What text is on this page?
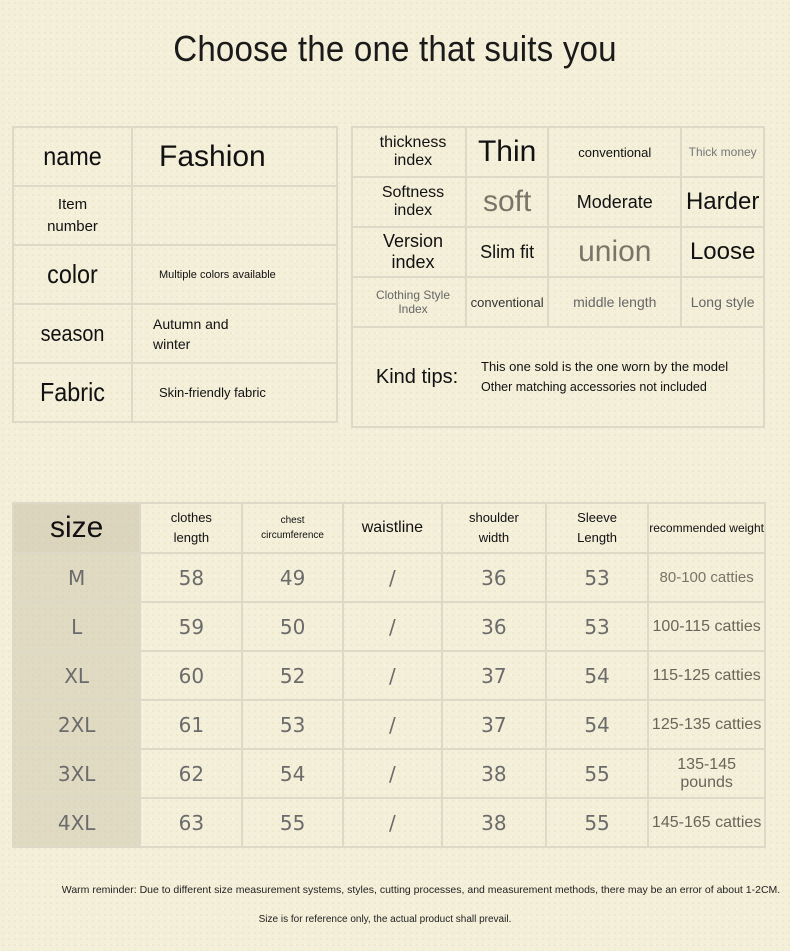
Choose the one that suits you
name	Fashion

Item number	

color	Multiple colors available

season	Autumn and winter

Fabric	Skin-friendly fabric
thickness index	Thin	conventional	Thick money

Softness index	soft	Moderate	Harder

Version index	Slim fit	union	Loose

Clothing Style Index	conventional	middle length	Long style

Kind tips: This one sold is the one worn by the model
Other matching accessories not included			
size	clothes length	chest circumference	waistline	shoulder width	Sleeve Length	recommended weight

M	58	49	/	36	53	80-100 catties

L	59	50	/	36	53	100-115 catties

XL	60	52	/	37	54	115-125 catties

2XL	61	53	/	37	54	125-135 catties

3XL	62	54	/	38	55	135-145 pounds

4XL	63	55	/	38	55	145-165 catties
Warm reminder: Due to different size measurement systems, styles, cutting processes, and measurement methods, there may be an error of about 1-2CM.
Size is for reference only, the actual product shall prevail.
